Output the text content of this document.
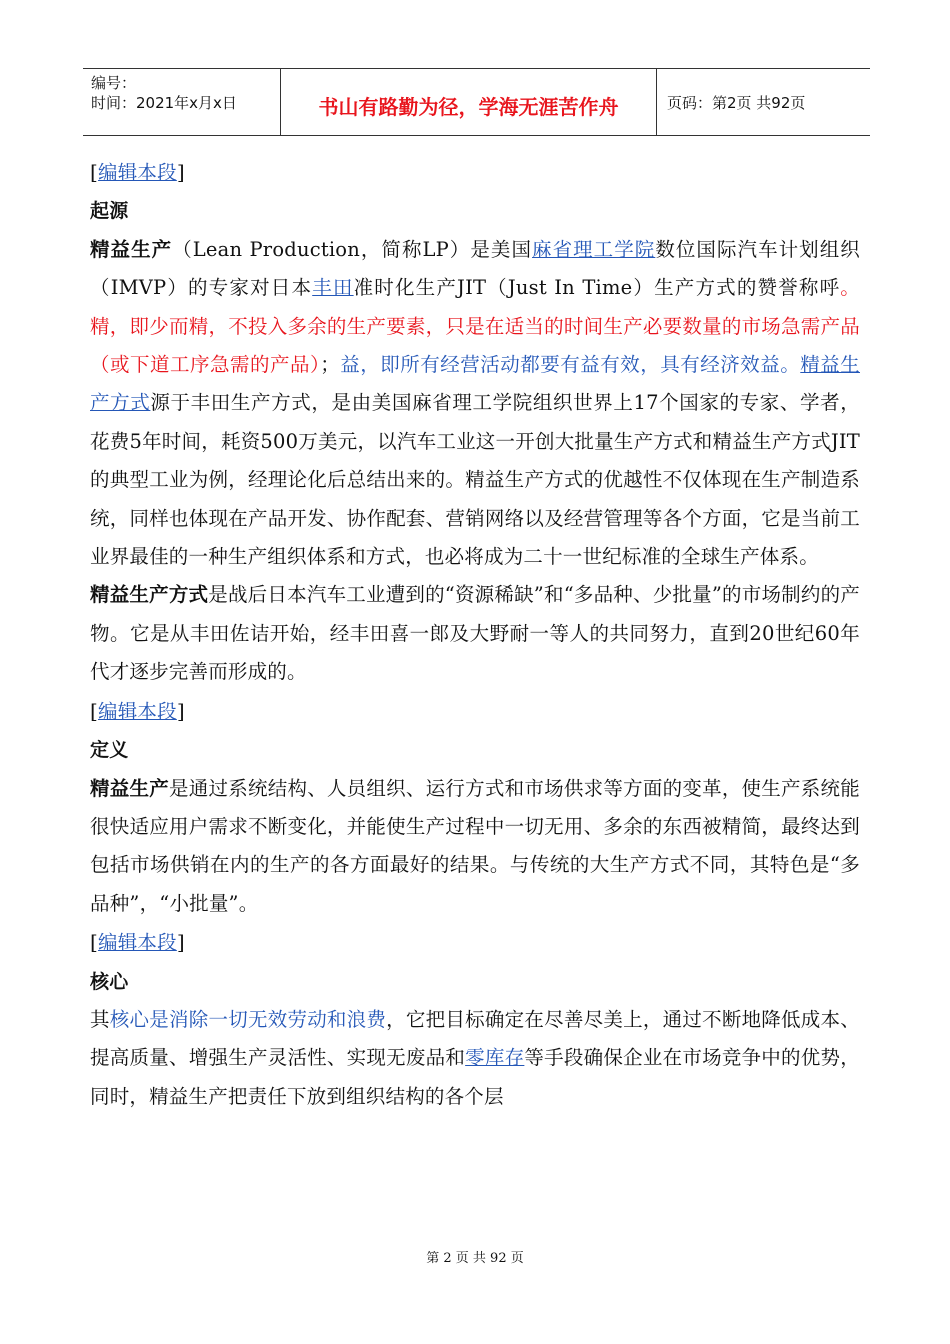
编号：
时间：2021年x月x日	书山有路勤为径，学海无涯苦作舟	页码：第2页 共92页

[编辑本段]

起源

精益生产（Lean Production，简称LP）是美国麻省理工学院数位国际汽车计划组织（IMVP）的专家对日本丰田准时化生产JIT（Just In Time）生产方式的赞誉称呼。精，即少而精，不投入多余的生产要素，只是在适当的时间生产必要数量的市场急需产品（或下道工序急需的产品）；益，即所有经营活动都要有益有效，具有经济效益。精益生产方式源于丰田生产方式，是由美国麻省理工学院组织世界上17个国家的专家、学者，花费5年时间，耗资500万美元，以汽车工业这一开创大批量生产方式和精益生产方式JIT的典型工业为例，经理论化后总结出来的。精益生产方式的优越性不仅体现在生产制造系统，同样也体现在产品开发、协作配套、营销网络以及经营管理等各个方面，它是当前工业界最佳的一种生产组织体系和方式，也必将成为二十一世纪标准的全球生产体系。

精益生产方式是战后日本汽车工业遭到的“资源稀缺”和“多品种、少批量”的市场制约的产物。它是从丰田佐诘开始，经丰田喜一郎及大野耐一等人的共同努力，直到20世纪60年代才逐步完善而形成的。

[编辑本段]

定义

精益生产是通过系统结构、人员组织、运行方式和市场供求等方面的变革，使生产系统能很快适应用户需求不断变化，并能使生产过程中一切无用、多余的东西被精简，最终达到包括市场供销在内的生产的各方面最好的结果。与传统的大生产方式不同，其特色是“多品种”，“小批量”。

[编辑本段]

核心

其核心是消除一切无效劳动和浪费，它把目标确定在尽善尽美上，通过不断地降低成本、提高质量、增强生产灵活性、实现无废品和零库存等手段确保企业在市场竞争中的优势，同时，精益生产把责任下放到组织结构的各个层

第 2 页 共 92 页
